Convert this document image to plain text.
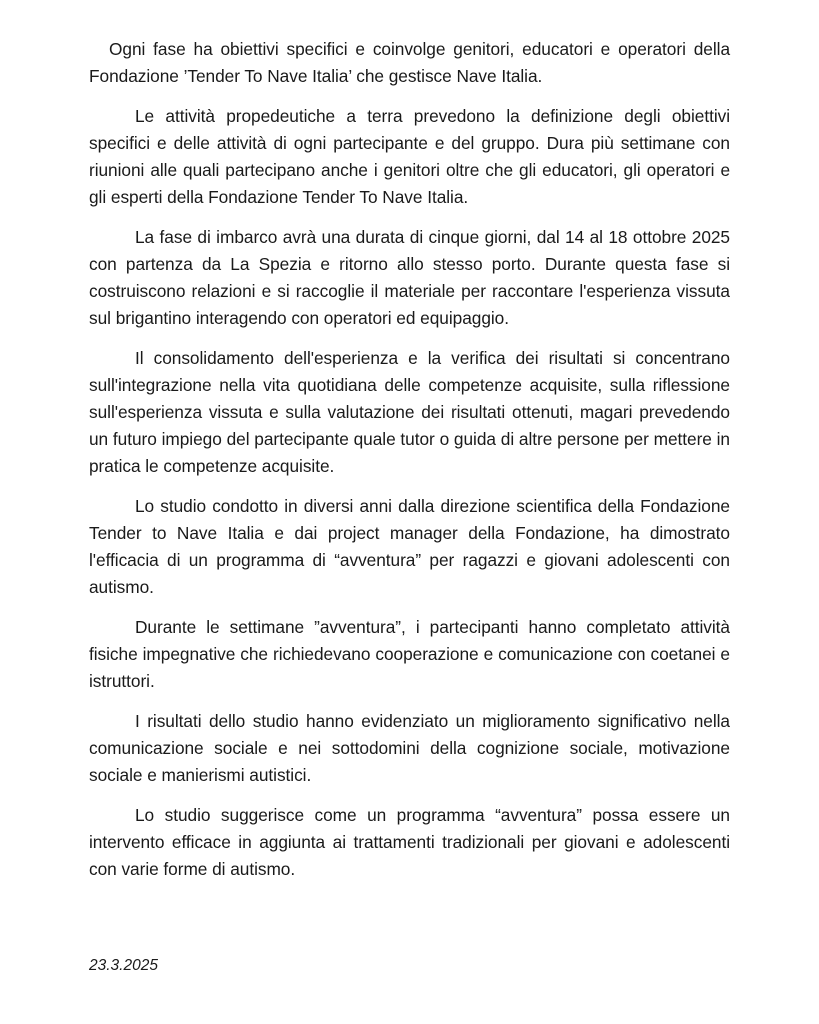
Ogni fase ha obiettivi specifici e coinvolge genitori, educatori e operatori della Fondazione ’Tender To Nave Italia’ che gestisce Nave Italia.

Le attività propedeutiche a terra prevedono la definizione degli obiettivi specifici e delle attività di ogni partecipante e del gruppo. Dura più settimane con riunioni alle quali partecipano anche i genitori oltre che gli educatori, gli operatori e gli esperti della Fondazione Tender To Nave Italia.

La fase di imbarco avrà una durata di cinque giorni, dal 14 al 18 ottobre 2025 con partenza da La Spezia e ritorno allo stesso porto. Durante questa fase si costruiscono relazioni e si raccoglie il materiale per raccontare l'esperienza vissuta sul brigantino interagendo con operatori ed equipaggio.

Il consolidamento dell'esperienza e la verifica dei risultati si concentrano sull'integrazione nella vita quotidiana delle competenze acquisite, sulla riflessione sull'esperienza vissuta e sulla valutazione dei risultati ottenuti, magari prevedendo un futuro impiego del partecipante quale tutor o guida di altre persone per mettere in pratica le competenze acquisite.

Lo studio condotto in diversi anni dalla direzione scientifica della Fondazione Tender to Nave Italia e dai project manager della Fondazione, ha dimostrato l'efficacia di un programma di “avventura” per ragazzi e giovani adolescenti con autismo.

Durante le settimane ”avventura”, i partecipanti hanno completato attività fisiche impegnative che richiedevano cooperazione e comunicazione con coetanei e istruttori.

I risultati dello studio hanno evidenziato un miglioramento significativo nella comunicazione sociale e nei sottodomini della cognizione sociale, motivazione sociale e manierismi autistici.

Lo studio suggerisce come un programma “avventura” possa essere un intervento efficace in aggiunta ai trattamenti tradizionali per giovani e adolescenti con varie forme di autismo.

23.3.2025
